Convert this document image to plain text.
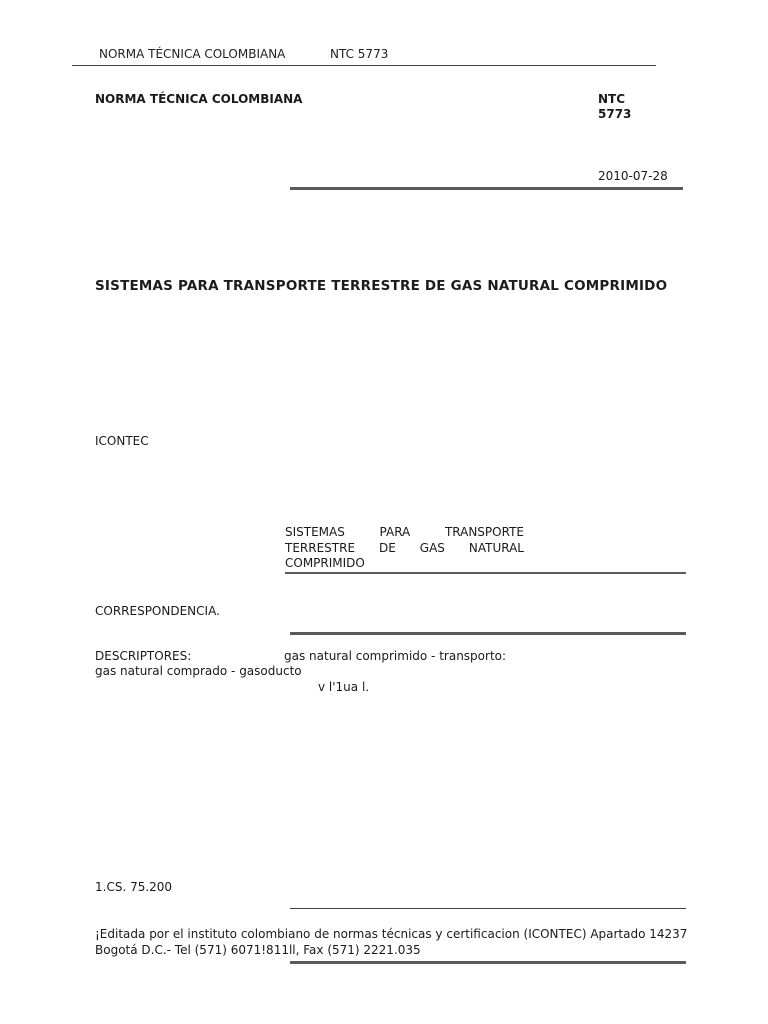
NORMA TÉCNICA COLOMBIANA	NTC 5773
NORMA TÉCNICA COLOMBIANA	NTC
5773
2010-07-28
SISTEMAS PARA TRANSPORTE TERRESTRE DE GAS NATURAL COMPRIMIDO
ICONTEC
SISTEMAS	PARA	TRANSPORTE
TERRESTRE DE GAS NATURAL
COMPRIMIDO
CORRESPONDENCIA.
DESCRIPTORES:	gas natural comprimido - transporto:
gas natural comprado - gasoducto
v l'1ua l.
1.CS. 75.200
¡Editada por el instituto colombiano de normas técnicas y certificacion (ICONTEC) Apartado 14237
Bogotá D.C.- Tel (571) 6071!811ll, Fax (571) 2221.035
